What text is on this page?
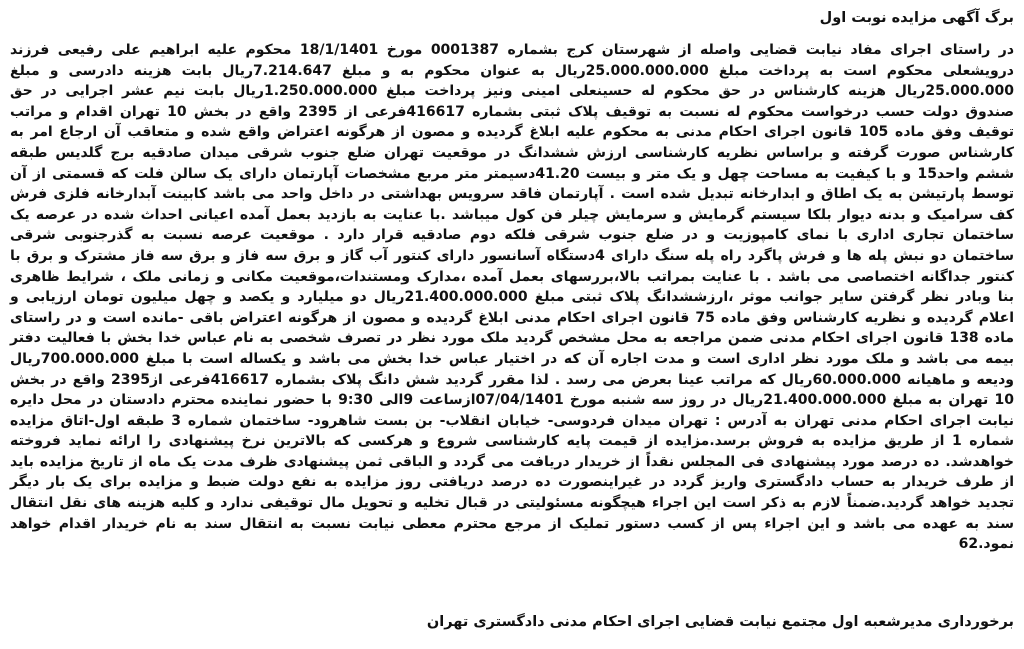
برگ آگهی مزایده نوبت اول

در راستای اجرای مفاد نیابت قضایی واصله از شهرستان کرج بشماره 0001387 مورخ 18/1/1401 محکوم علیه ابراهیم علی رفیعی فرزند درویشعلی محکوم است به پرداخت مبلغ 25.000.000.000ریال به عنوان محکوم به و مبلغ 7.214.647ریال بابت هزینه دادرسی و مبلغ 25.000.000ریال هزینه کارشناس در حق محکوم له حسینعلی امینی ونیز پرداخت مبلغ 1.250.000.000ریال بابت نیم عشر اجرایی در حق صندوق دولت حسب درخواست محکوم له نسبت به توقیف پلاک ثبتی بشماره 416617فرعی از 2395 واقع در بخش 10 تهران اقدام و مراتب توقیف وفق ماده 105 قانون اجرای احکام مدنی به محکوم علیه ابلاغ گردیده و مصون از هرگونه اعتراض واقع شده و متعاقب آن ارجاع امر به کارشناس صورت گرفته و براساس نظریه کارشناسی ارزش ششدانگ در موقعیت تهران ضلع جنوب شرقی میدان صادقیه برج گلدیس طبقه ششم واحد15 و با کیفیت به مساحت چهل و یک متر و بیست 41.20دسیمتر متر مربع مشخصات آپارتمان دارای یک سالن فلت که قسمتی از آن توسط پارتیشن به یک اطاق و ابدارخانه تبدیل شده است . آپارتمان فاقد سرویس بهداشتی در داخل واحد می باشد کابینت آبدارخانه فلزی فرش کف سرامیک و بدنه دیوار بلکا سیستم گرمایش و سرمایش چیلر فن کول میباشد .با عنایت به بازدید بعمل آمده اعیانی احداث شده در عرصه یک ساختمان تجاری اداری با نمای کامپوزیت و در ضلع جنوب شرقی فلکه دوم صادقیه قرار دارد . موقعیت عرصه نسبت به گذرجنوبی شرقی ساختمان دو نبش پله ها و فرش پاگرد راه پله سنگ دارای 4دستگاه آسانسور دارای کنتور آب گاز و برق سه فاز و برق سه فاز مشترک و برق با کنتور جداگانه اختصاصی می باشد . با عنایت بمراتب بالا،بررسهای بعمل آمده ،مدارک ومستندات،موقعیت مکانی و زمانی ملک ، شرایط ظاهری بنا وبادر نظر گرفتن سایر جوانب موثر ،ارزششدانگ پلاک ثبتی مبلغ 21.400.000.000ریال دو میلیارد و یکصد و چهل میلیون تومان ارزیابی و اعلام گردیده و نظریه کارشناس وفق ماده 75 قانون اجرای احکام مدنی ابلاغ گردیده و مصون از هرگونه اعتراض باقی -مانده است و در راستای ماده 138 قانون اجرای احکام مدنی ضمن مراجعه به محل مشخص گردید ملک مورد نظر در تصرف شخصی به نام عباس خدا بخش با فعالیت دفتر بیمه می باشد و ملک مورد نظر اداری است و مدت اجاره آن که در اختیار عباس خدا بخش می باشد و یکساله است با مبلغ 700.000.000ریال ودیعه و ماهیانه 60.000.000ریال که مراتب عینا بعرض می رسد . لذا مقرر گردید شش دانگ پلاک بشماره 416617فرعی از2395 واقع در بخش 10 تهران به مبلغ 21.400.000.000ریال در روز سه شنبه مورخ 07/04/1401ازساعت 9الی 9:30 با حضور نماینده محترم دادستان در محل دایره نیابت اجرای احکام مدنی تهران به آدرس : تهران میدان فردوسی- خیابان انقلاب- بن بست شاهرود- ساختمان شماره 3 طبقه اول-اتاق مزایده شماره 1 از طریق مزایده به فروش برسد.مزایده از قیمت پایه کارشناسی شروع و هرکسی که بالاترین نرخ پیشنهادی را ارائه نماید فروخته خواهدشد. ده درصد مورد پیشنهادی فی المجلس نقداً از خریدار دریافت می گردد و الباقی ثمن پیشنهادی ظرف مدت یک ماه از تاریخ مزایده باید از طرف خریدار به حساب دادگستری واریز گردد در غیراینصورت ده درصد دریافتی روز مزایده به نفع دولت ضبط و مزایده برای یک بار دیگر تجدید خواهد گردید.ضمناً لازم به ذکر است این اجراء هیچگونه مسئولیتی در قبال تخلیه و تحویل مال توقیفی ندارد و کلیه هزینه های نقل انتقال سند به عهده می باشد و این اجراء پس از کسب دستور تملیک از مرجع محترم معطی نیابت نسبت به انتقال سند به نام خریدار اقدام خواهد نمود.62

برخورداری مدیرشعبه اول مجتمع نیابت قضایی اجرای احکام مدنی دادگستری تهران
